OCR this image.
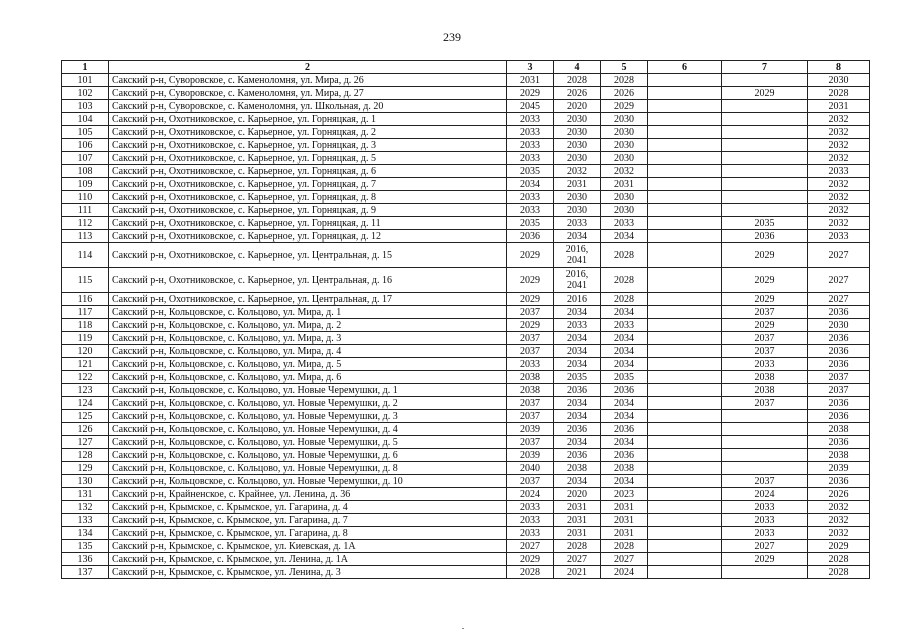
239
1	2	3	4	5	6	7	8
101	Сакский р-н, Суворовское, с. Каменоломня, ул. Мира, д. 26	2031	2028	2028			2030
102	Сакский р-н, Суворовское, с. Каменоломня, ул. Мира, д. 27	2029	2026	2026		2029	2028
103	Сакский р-н, Суворовское, с. Каменоломня, ул. Школьная, д. 20	2045	2020	2029			2031
104	Сакский р-н, Охотниковское, с. Карьерное, ул. Горняцкая, д. 1	2033	2030	2030			2032
105	Сакский р-н, Охотниковское, с. Карьерное, ул. Горняцкая, д. 2	2033	2030	2030			2032
106	Сакский р-н, Охотниковское, с. Карьерное, ул. Горняцкая, д. 3	2033	2030	2030			2032
107	Сакский р-н, Охотниковское, с. Карьерное, ул. Горняцкая, д. 5	2033	2030	2030			2032
108	Сакский р-н, Охотниковское, с. Карьерное, ул. Горняцкая, д. 6	2035	2032	2032			2033
109	Сакский р-н, Охотниковское, с. Карьерное, ул. Горняцкая, д. 7	2034	2031	2031			2032
110	Сакский р-н, Охотниковское, с. Карьерное, ул. Горняцкая, д. 8	2033	2030	2030			2032
111	Сакский р-н, Охотниковское, с. Карьерное, ул. Горняцкая, д. 9	2033	2030	2030			2032
112	Сакский р-н, Охотниковское, с. Карьерное, ул. Горняцкая, д. 11	2035	2033	2033		2035	2032
113	Сакский р-н, Охотниковское, с. Карьерное, ул. Горняцкая, д. 12	2036	2034	2034		2036	2033
114	Сакский р-н, Охотниковское, с. Карьерное, ул. Центральная, д. 15	2029	2016, 2041	2028		2029	2027
115	Сакский р-н, Охотниковское, с. Карьерное, ул. Центральная, д. 16	2029	2016, 2041	2028		2029	2027
116	Сакский р-н, Охотниковское, с. Карьерное, ул. Центральная, д. 17	2029	2016	2028		2029	2027
117	Сакский р-н, Кольцовское, с. Кольцово, ул. Мира, д. 1	2037	2034	2034		2037	2036
118	Сакский р-н, Кольцовское, с. Кольцово, ул. Мира, д. 2	2029	2033	2033		2029	2030
119	Сакский р-н, Кольцовское, с. Кольцово, ул. Мира, д. 3	2037	2034	2034		2037	2036
120	Сакский р-н, Кольцовское, с. Кольцово, ул. Мира, д. 4	2037	2034	2034		2037	2036
121	Сакский р-н, Кольцовское, с. Кольцово, ул. Мира, д. 5	2033	2034	2034		2033	2036
122	Сакский р-н, Кольцовское, с. Кольцово, ул. Мира, д. 6	2038	2035	2035		2038	2037
123	Сакский р-н, Кольцовское, с. Кольцово, ул. Новые Черемушки, д. 1	2038	2036	2036		2038	2037
124	Сакский р-н, Кольцовское, с. Кольцово, ул. Новые Черемушки, д. 2	2037	2034	2034		2037	2036
125	Сакский р-н, Кольцовское, с. Кольцово, ул. Новые Черемушки, д. 3	2037	2034	2034			2036
126	Сакский р-н, Кольцовское, с. Кольцово, ул. Новые Черемушки, д. 4	2039	2036	2036			2038
127	Сакский р-н, Кольцовское, с. Кольцово, ул. Новые Черемушки, д. 5	2037	2034	2034			2036
128	Сакский р-н, Кольцовское, с. Кольцово, ул. Новые Черемушки, д. 6	2039	2036	2036			2038
129	Сакский р-н, Кольцовское, с. Кольцово, ул. Новые Черемушки, д. 8	2040	2038	2038			2039
130	Сакский р-н, Кольцовское, с. Кольцово, ул. Новые Черемушки, д. 10	2037	2034	2034		2037	2036
131	Сакский р-н, Крайненское, с. Крайнее, ул. Ленина, д. 36	2024	2020	2023		2024	2026
132	Сакский р-н, Крымское, с. Крымское, ул. Гагарина, д. 4	2033	2031	2031		2033	2032
133	Сакский р-н, Крымское, с. Крымское, ул. Гагарина, д. 7	2033	2031	2031		2033	2032
134	Сакский р-н, Крымское, с. Крымское, ул. Гагарина, д. 8	2033	2031	2031		2033	2032
135	Сакский р-н, Крымское, с. Крымское, ул. Киевская, д. 1А	2027	2028	2028		2027	2029
136	Сакский р-н, Крымское, с. Крымское, ул. Ленина, д. 1А	2029	2027	2027		2029	2028
137	Сакский р-н, Крымское, с. Крымское, ул. Ленина, д. 3	2028	2021	2024			2028
